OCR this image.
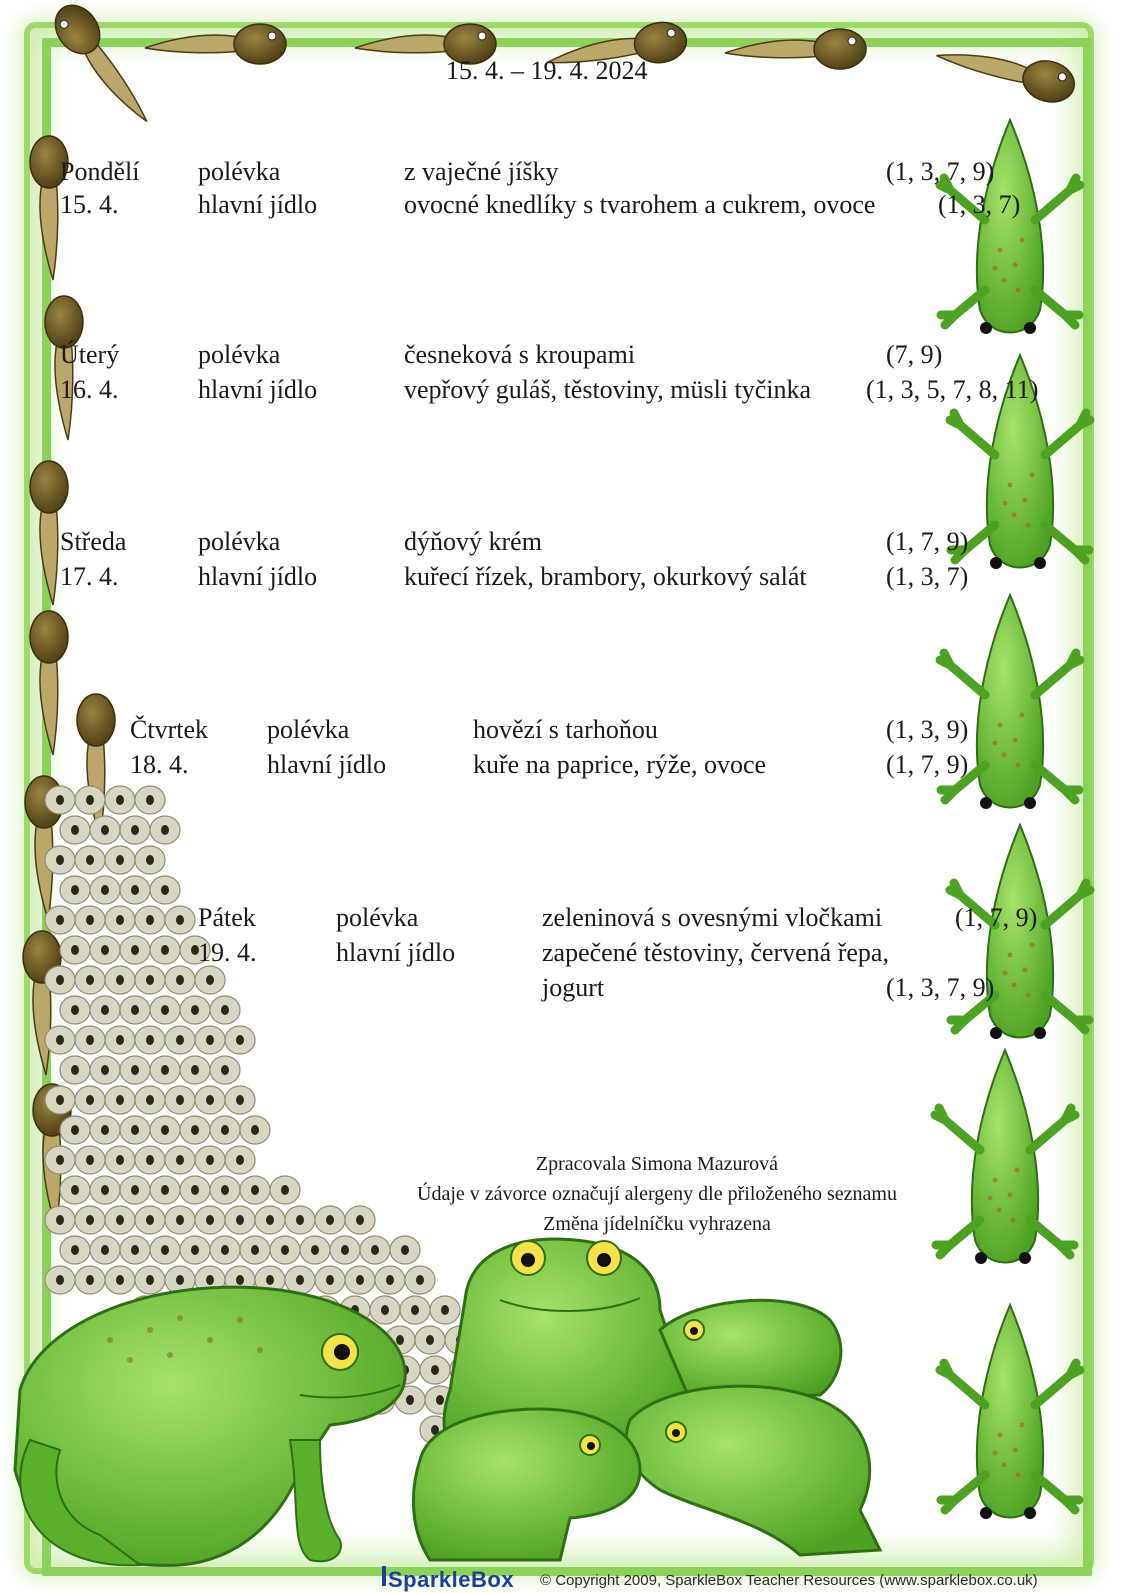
15. 4. – 19. 4. 2024
Pondělí polévka	z vaječné jíšky	(1, 3, 7, 9)
15. 4.	hlavní jídlo	ovocné knedlíky s tvarohem a cukrem, ovoce (1, 3, 7)
Úterý	polévka	česneková s kroupami	(7, 9)
16. 4.	hlavní jídlo	vepřový guláš, těstoviny, müsli tyčinka (1, 3, 5, 7, 8, 11)
Středa	polévka	dýňový krém	(1, 7, 9)
17. 4.	hlavní jídlo	kuřecí řízek, brambory, okurkový salát	(1, 3, 7)
Čtvrtek polévka	hovězí s tarhoňou	(1, 3, 9)
18. 4.	hlavní jídlo	kuře na paprice, rýže, ovoce	(1, 7, 9)
Pátek	polévka	zeleninová s ovesnými vločkami	(1, 7, 9)
19. 4.	hlavní jídlo	zapečené těstoviny, červená řepa,
jogurt	(1, 3, 7, 9)
Zpracovala Simona Mazurová
Údaje v závorce označují alergeny dle přiloženého seznamu
Změna jídelníčku vyhrazena
SparkleBox © Copyright 2009, SparkleBox Teacher Resources (www.sparklebox.co.uk)
